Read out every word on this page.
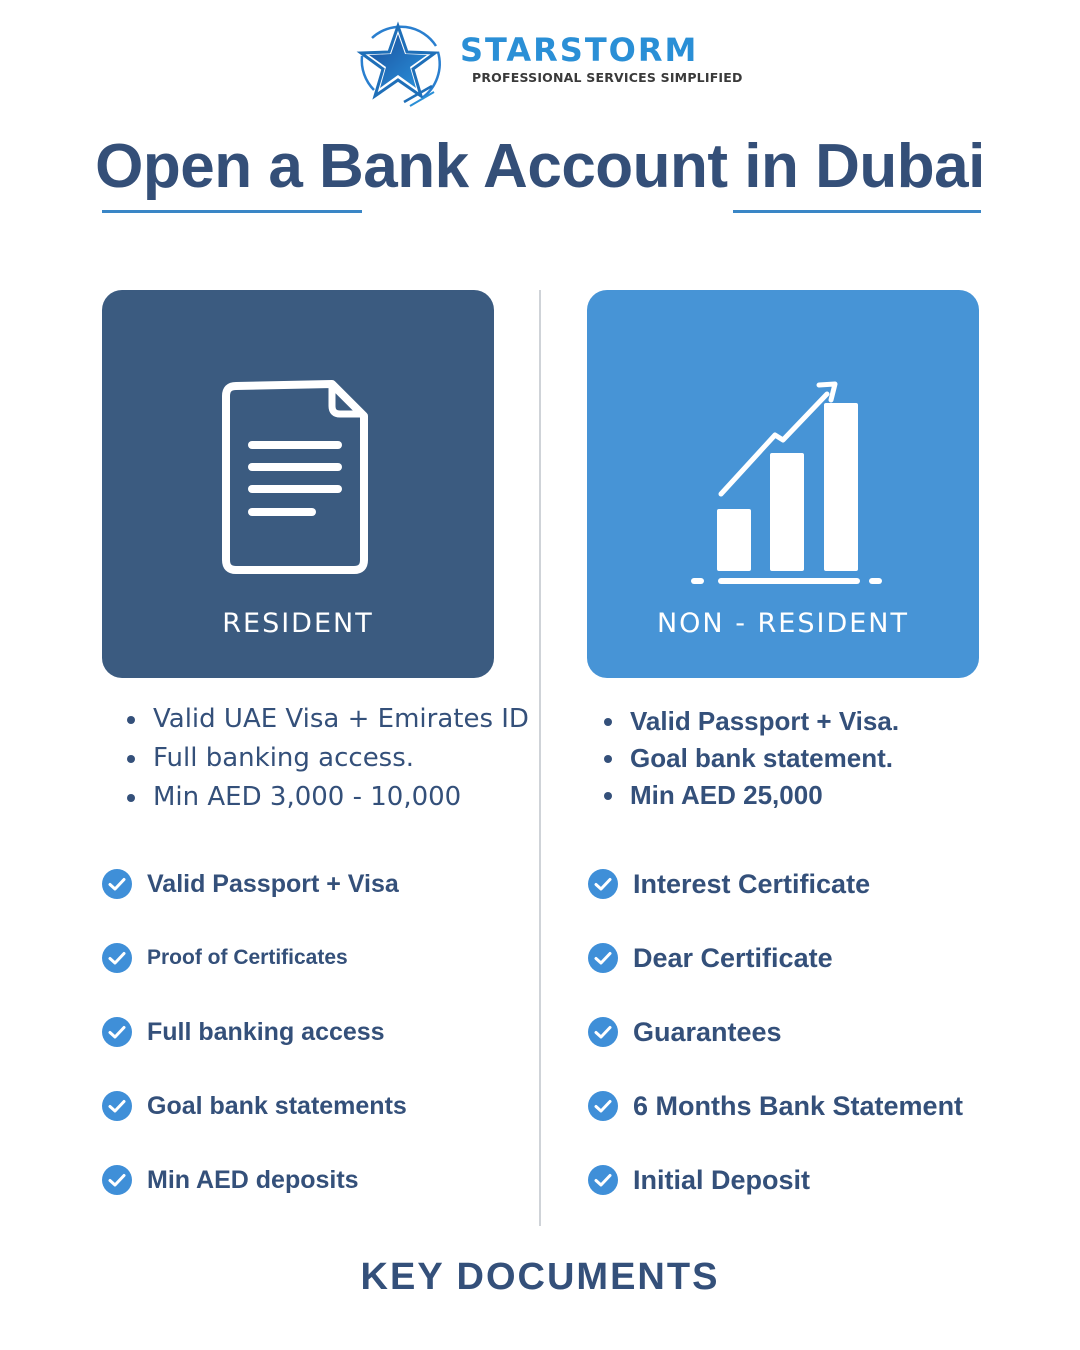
STARSTORM
PROFESSIONAL SERVICES SIMPLIFIED
Open a Bank Account in Dubai
RESIDENT	NON - RESIDENT
Valid UAE Visa + Emirates ID
Full banking access.
Min AED 3,000 - 10,000
Valid Passport + Visa.
Goal bank statement.
Min AED 25,000
Valid Passport + Visa
Proof of Certificates
Full banking access
Goal bank statements
Min AED deposits
Interest Certificate
Dear Certificate
Guarantees
6 Months Bank Statement
Initial Deposit
KEY DOCUMENTS
